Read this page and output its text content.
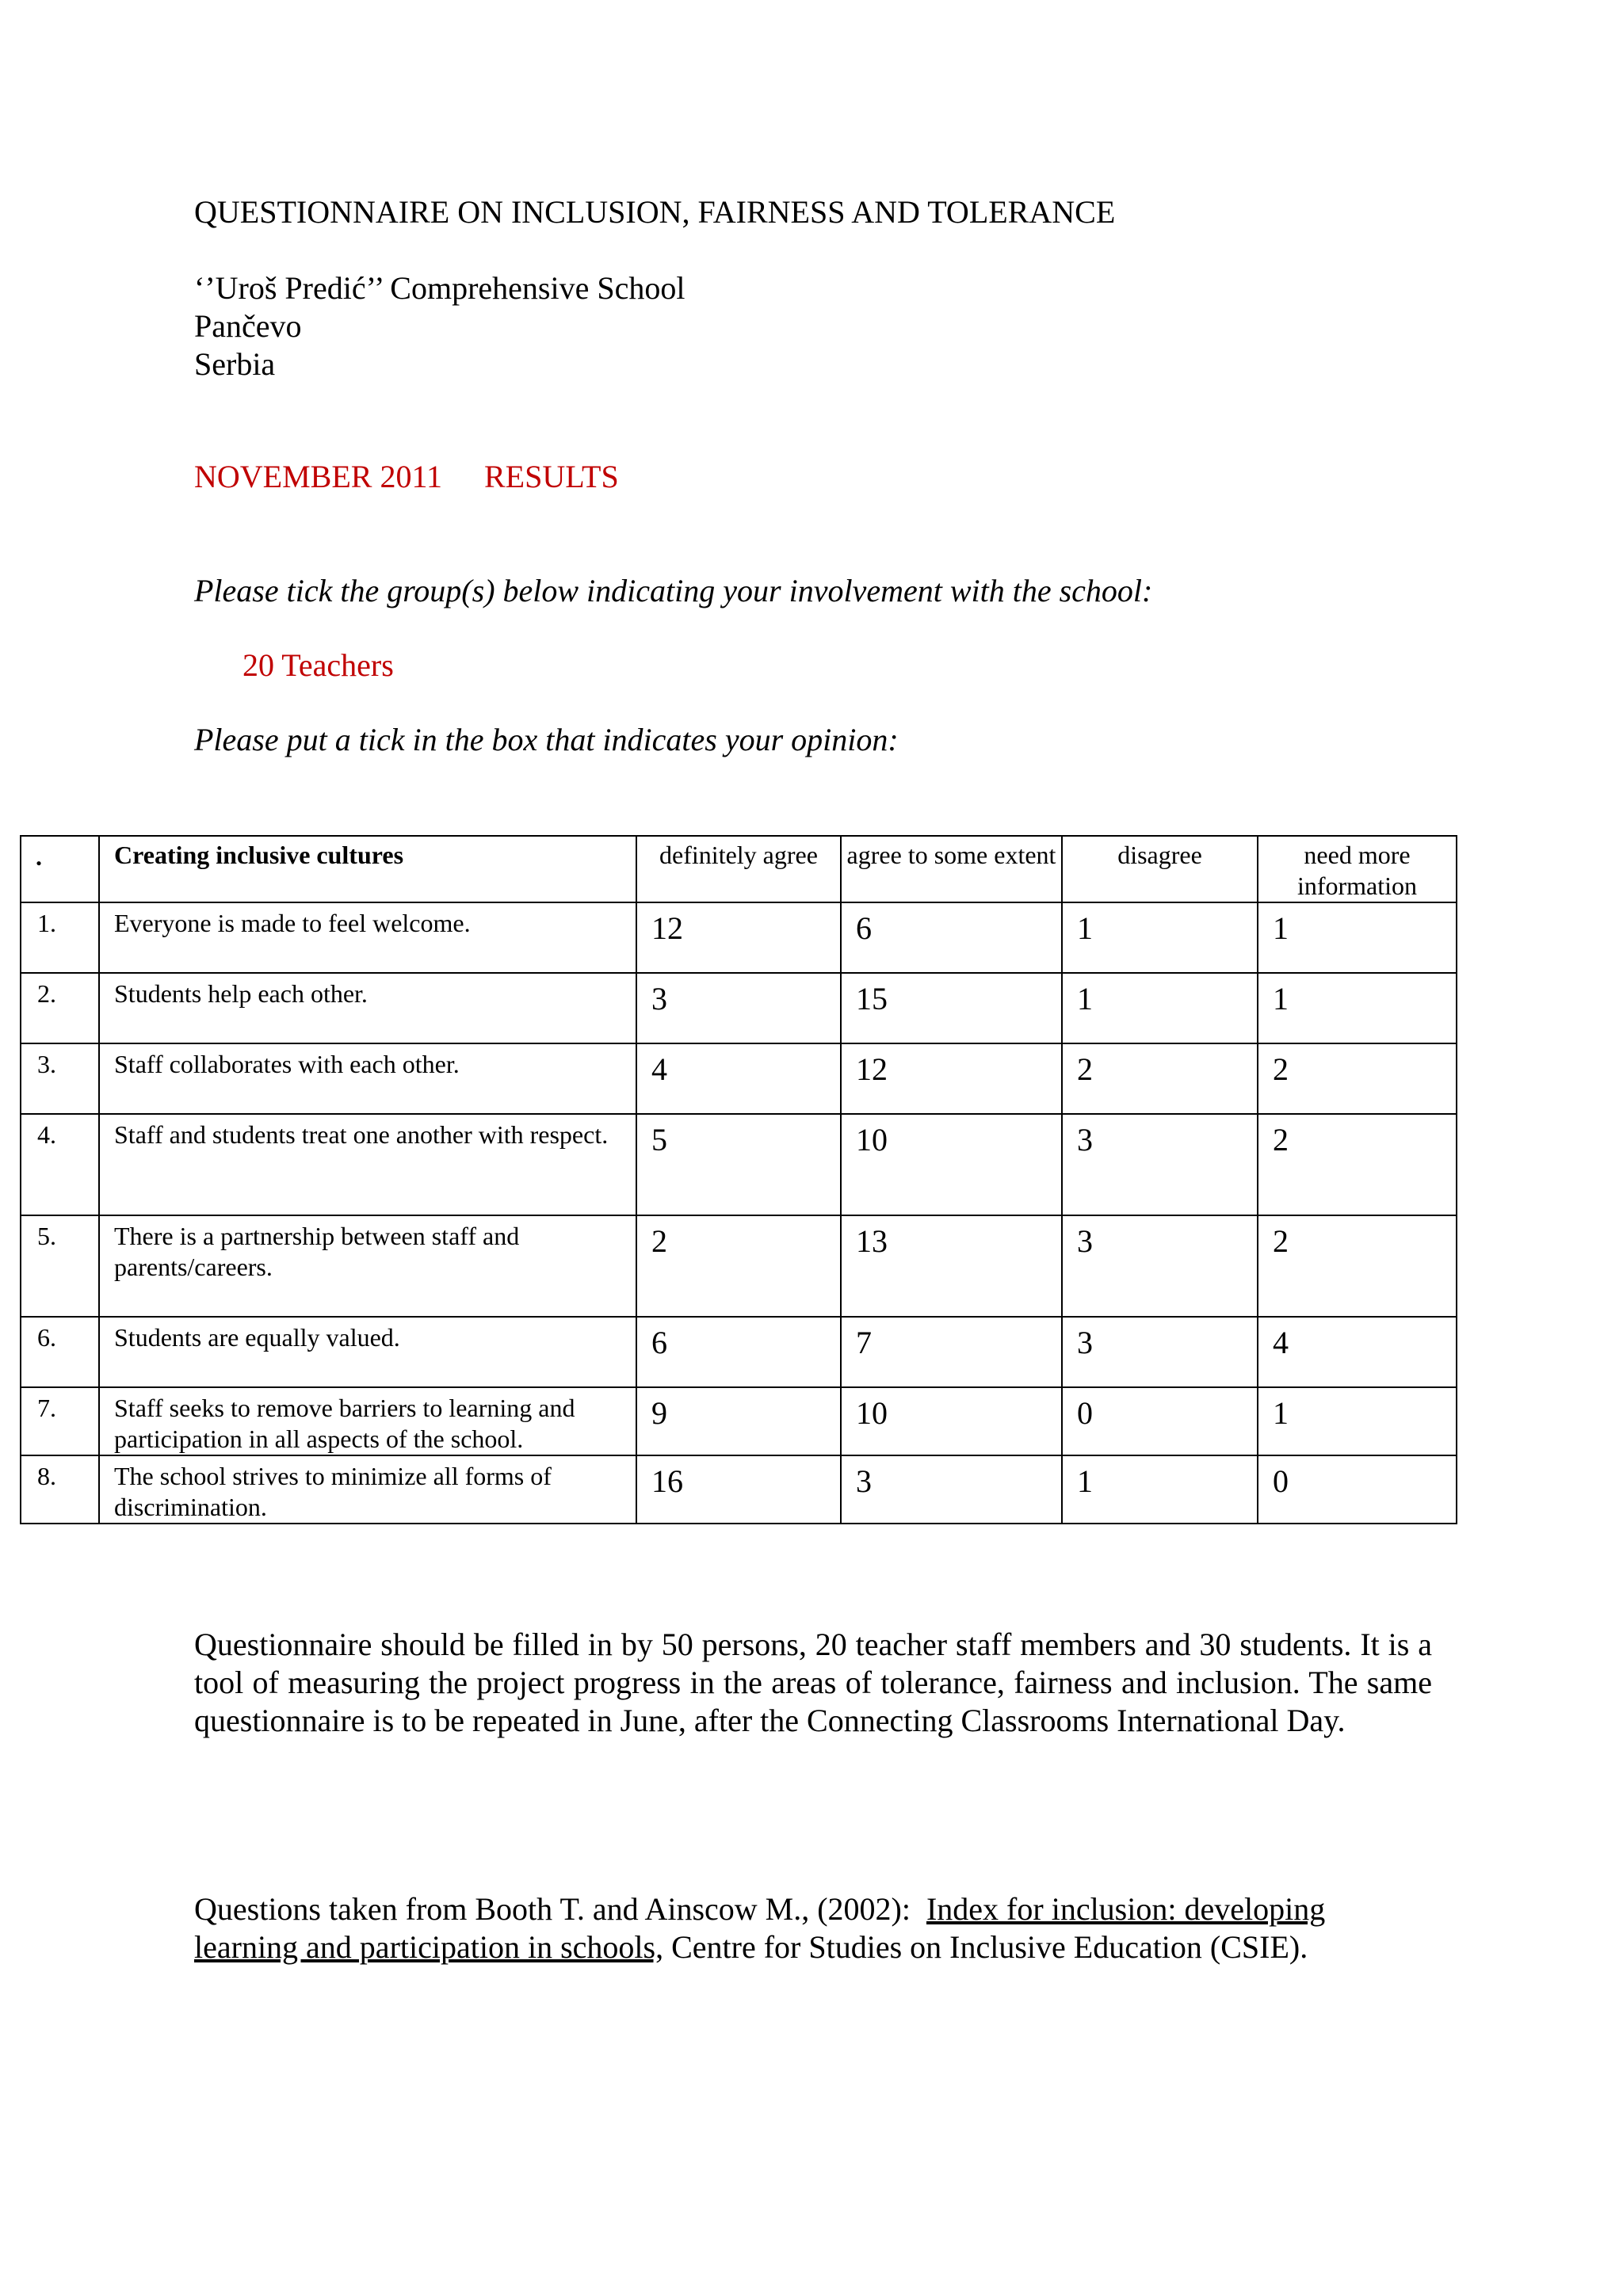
QUESTIONNAIRE ON INCLUSION, FAIRNESS AND TOLERANCE
‘’Uroš Predić’’ Comprehensive School
Pančevo
Serbia
NOVEMBER 2011 RESULTS
Please tick the group(s) below indicating your involvement with the school:
20 Teachers
Please put a tick in the box that indicates your opinion:
.	Creating inclusive cultures	definitely agree	agree to some extent	disagree	need more information
1.	Everyone is made to feel welcome.	12	6	1	1
2.	Students help each other.	3	15	1	1
3.	Staff collaborates with each other.	4	12	2	2
4.	Staff and students treat one another with respect.	5	10	3	2
5.	There is a partnership between staff and parents/careers.	2	13	3	2
6.	Students are equally valued.	6	7	3	4
7.	Staff seeks to remove barriers to learning and participation in all aspects of the school.	9	10	0	1
8.	The school strives to minimize all forms of discrimination.	16	3	1	0
Questionnaire should be filled in by 50 persons, 20 teacher staff members and 30 students. It is a tool of measuring the project progress in the areas of tolerance, fairness and inclusion. The same questionnaire is to be repeated in June, after the Connecting Classrooms International Day.
Questions taken from Booth T. and Ainscow M., (2002): Index for inclusion: developing learning and participation in schools, Centre for Studies on Inclusive Education (CSIE).
